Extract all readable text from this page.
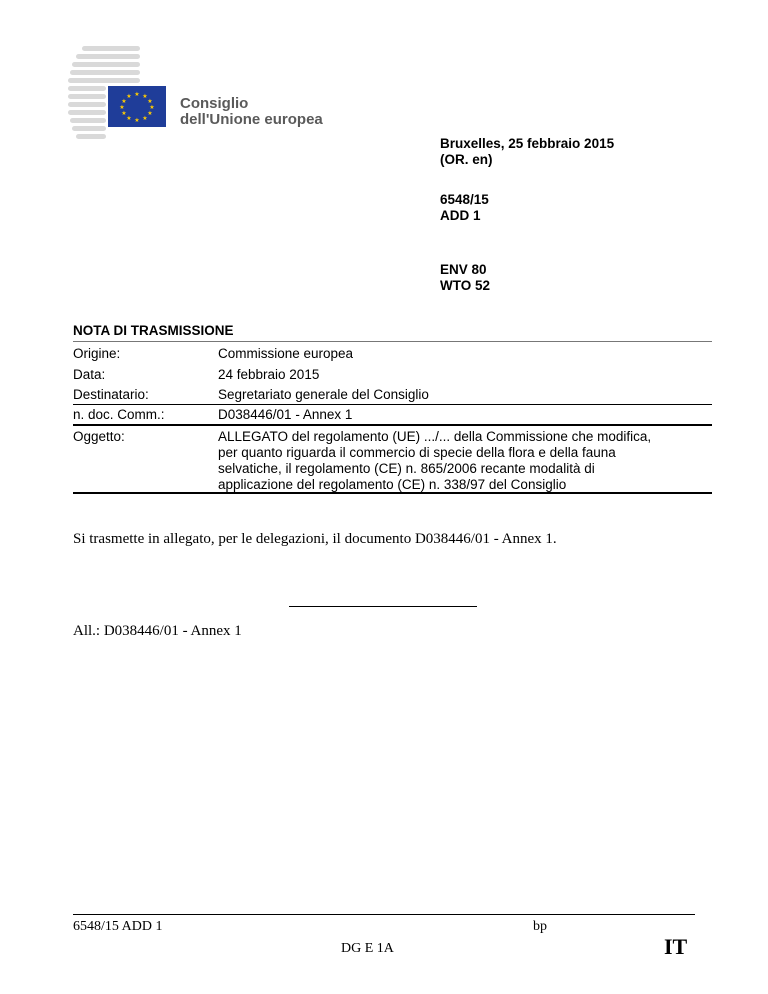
★ ★
★
★
★
★
★
★
★
★
★
★	Consiglio
dell'Unione europea
Bruxelles, 25 febbraio 2015
(OR. en)
6548/15
ADD 1
ENV 80
WTO 52
NOTA DI TRASMISSIONE
Origine:	Commissione europea
Data:	24 febbraio 2015
Destinatario:	Segretariato generale del Consiglio
n. doc. Comm.:	D038446/01 - Annex 1
Oggetto:	ALLEGATO del regolamento (UE) .../... della Commissione che modifica,
per quanto riguarda il commercio di specie della flora e della fauna
selvatiche, il regolamento (CE) n. 865/2006 recante modalità di
applicazione del regolamento (CE) n. 338/97 del Consiglio
Si trasmette in allegato, per le delegazioni, il documento D038446/01 - Annex 1.
All.: D038446/01 - Annex 1
6548/15 ADD 1	bp
DG E 1A	IT
